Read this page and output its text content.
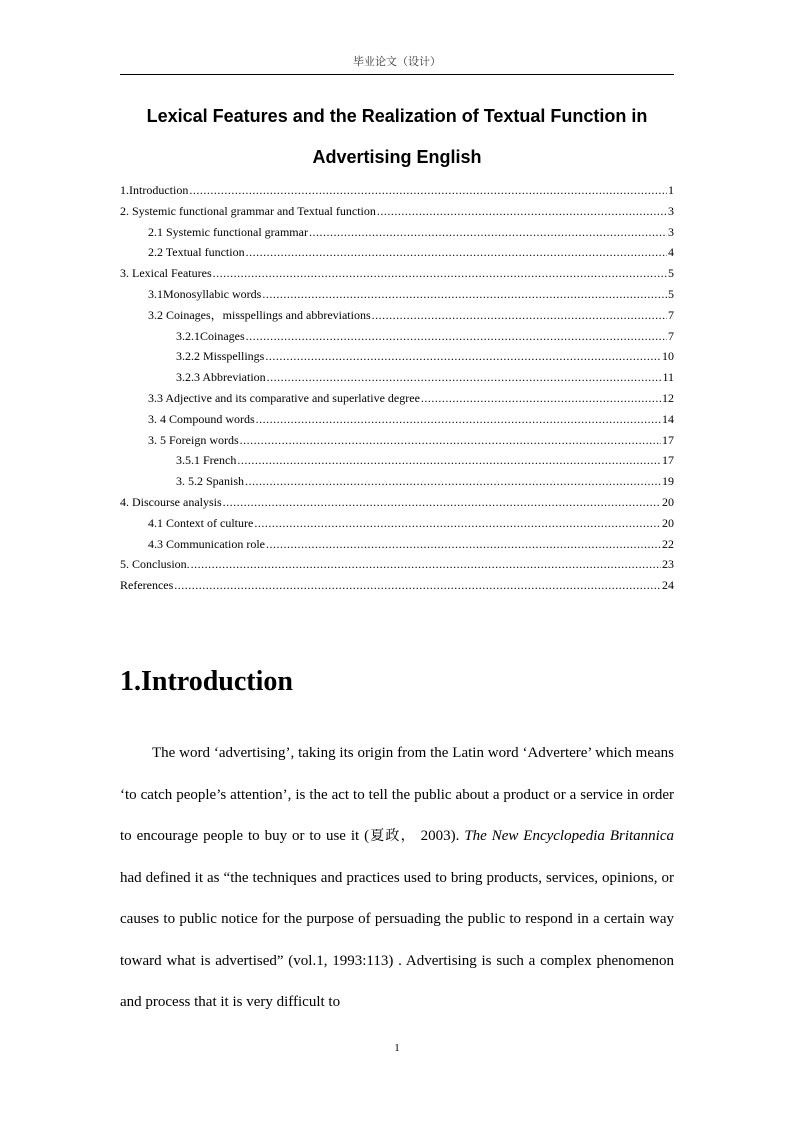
毕业论文（设计）
Lexical Features and the Realization of Textual Function in
Advertising English
1.Introduction .....	1
2. Systemic functional grammar and Textual function .....	3
2.1 Systemic functional grammar .....	3
2.2 Textual function .....	4
3. Lexical Features .....	5
3.1Monosyllabic words .....	5
3.2 Coinages，misspellings and abbreviations .....	7
3.2.1Coinages .....	7
3.2.2 Misspellings .....	10
3.2.3 Abbreviation .....	11
3.3 Adjective and its comparative and superlative degree .....	12
3. 4 Compound words .....	14
3. 5 Foreign words .....	17
3.5.1 French .....	17
3. 5.2 Spanish .....	19
4. Discourse analysis .....	20
4.1 Context of culture .....	20
4.3 Communication role .....	22
5. Conclusion. .....	23
References .....	24
1.Introduction
The word ‘advertising’, taking its origin from the Latin word ‘Advertere’ which means ‘to catch people’s attention’, is the act to tell the public about a product or a service in order to encourage people to buy or to use it (夏政， 2003). The New Encyclopedia Britannica had defined it as “the techniques and practices used to bring products, services, opinions, or causes to public notice for the purpose of persuading the public to respond in a certain way toward what is advertised” (vol.1, 1993:113) . Advertising is such a complex phenomenon and process that it is very difficult to
1
